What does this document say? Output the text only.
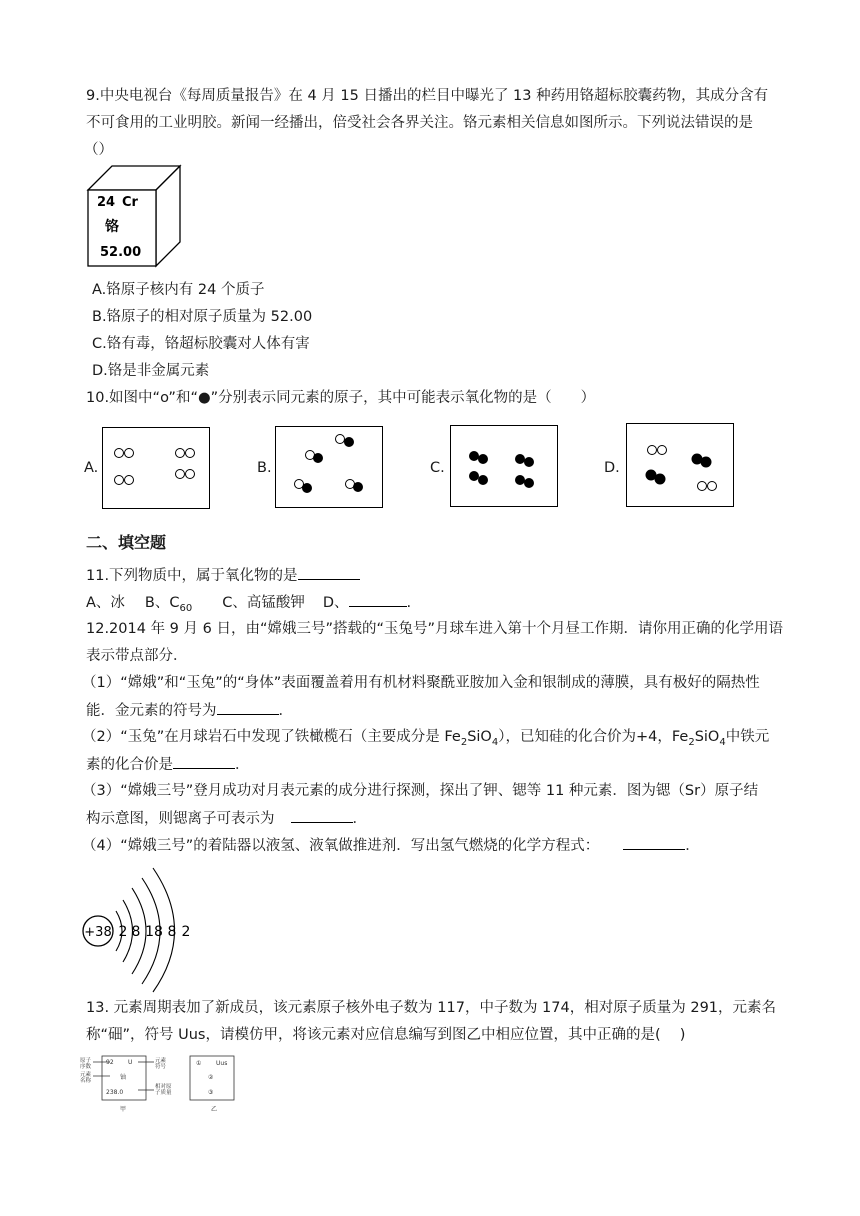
9.中央电视台《每周质量报告》在 4 月 15 日播出的栏目中曝光了 13 种药用铬超标胶囊药物，其成分含有
不可食用的工业明胶。新闻一经播出，倍受社会各界关注。铬元素相关信息如图所示。下列说法错误的是
（）
24 Cr
铬
52.00
A.铬原子核内有 24 个质子
B.铬原子的相对原子质量为 52.00
C.铬有毒，铬超标胶囊对人体有害
D.铬是非金属元素
10.如图中“o”和“●”分别表示同元素的原子，其中可能表示氧化物的是（　　）
A.	B.	C.	D.
二、填空题
11.下列物质中，属于氧化物的是
A、冰 B、$C_{60}$ C、高锰酸钾 D、	.
12.2014 年 9 月 6 日，由“嫦娥三号”搭载的“玉兔号”月球车进入第十个月昼工作期．请你用正确的化学用语
表示带点部分．
（1）“嫦娥”和“玉兔”的“身体”表面覆盖着用有机材料聚酰亚胺加入金和银制成的薄膜，具有极好的隔热性
能．金元素的符号为	．
（2）“玉兔”在月球岩石中发现了铁橄榄石（主要成分是 $Fe_2SiO_4$），已知硅的化合价为+4，$Fe_2SiO_4$中铁元
素的化合价是	．
（3）“嫦娥三号”登月成功对月表元素的成分进行探测，探出了钾、锶等 11 种元素．图为锶（Sr）原子结
构示意图，则锶离子可表示为	．
（4）“嫦娥三号”的着陆器以液氢、液氧做推进剂．写出氢气燃烧的化学方程式：	．
+38 2 8 18 8 2
13. 元素周期表加了新成员，该元素原子核外电子数为 117，中子数为 174，相对原子质量为 291，元素名
称“鿬”，符号 Uus，请模仿甲，将该元素对应信息编写到图乙中相应位置，其中正确的是(　 )
原子
序数
元素
名称
92 U
铀
238.0
元素
符号
相对原
子质量
甲
① Uus
②
③
乙
